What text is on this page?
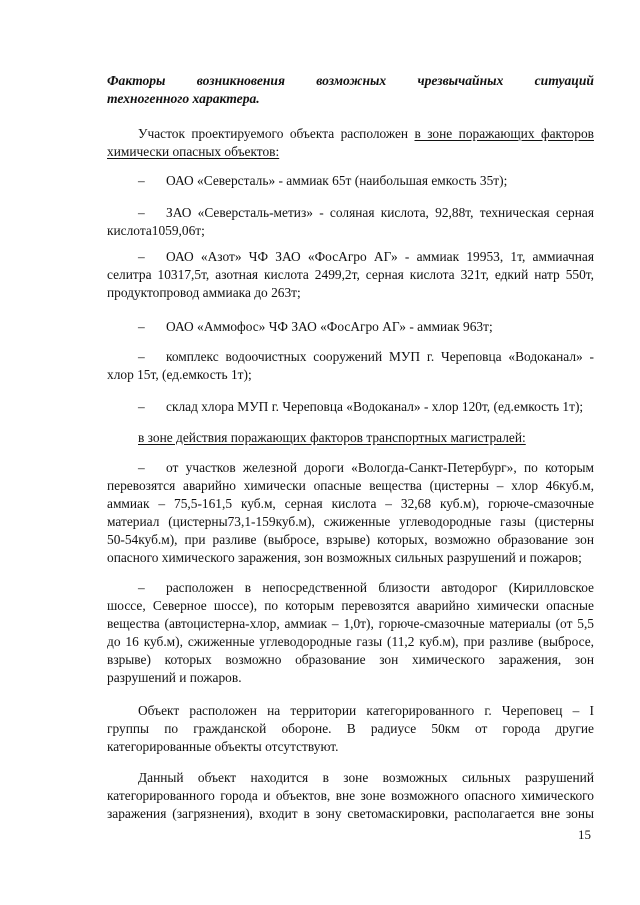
Факторы возникновения возможных чрезвычайных ситуаций
техногенного характера.
Участок проектируемого объекта расположен в зоне поражающих факторов
химически опасных объектов:
– ОАО «Северсталь» - аммиак 65т (наибольшая емкость 35т);
– ЗАО «Северсталь-метиз» - соляная кислота, 92,88т, техническая серная
кислота1059,06т;
– ОАО «Азот» ЧФ ЗАО «ФосАгро АГ» - аммиак 19953, 1т, аммиачная
селитра 10317,5т, азотная кислота 2499,2т, серная кислота 321т, едкий натр 550т,
продуктопровод аммиака до 263т;
– ОАО «Аммофос» ЧФ ЗАО «ФосАгро АГ» - аммиак 963т;
– комплекс водоочистных сооружений МУП г. Череповца «Водоканал» -
хлор 15т, (ед.емкость 1т);
– склад хлора МУП г. Череповца «Водоканал» - хлор 120т, (ед.емкость 1т);
в зоне действия поражающих факторов транспортных магистралей:
– от участков железной дороги «Вологда-Санкт-Петербург», по которым
перевозятся аварийно химически опасные вещества (цистерны – хлор 46куб.м,
аммиак – 75,5-161,5 куб.м, серная кислота – 32,68 куб.м), горюче-смазочные
материал (цистерны73,1-159куб.м), сжиженные углеводородные газы (цистерны
50-54куб.м), при разливе (выбросе, взрыве) которых, возможно образование зон
опасного химического заражения, зон возможных сильных разрушений и пожаров;
– расположен в непосредственной близости автодорог (Кирилловское
шоссе, Северное шоссе), по которым перевозятся аварийно химически опасные
вещества (автоцистерна-хлор, аммиак – 1,0т), горюче-смазочные материалы (от 5,5
до 16 куб.м), сжиженные углеводородные газы (11,2 куб.м), при разливе (выбросе,
взрыве) которых возможно образование зон химического заражения, зон
разрушений и пожаров.
Объект расположен на территории категорированного г. Череповец – I
группы по гражданской обороне. В радиусе 50км от города другие
категорированные объекты отсутствуют.
Данный объект находится в зоне возможных сильных разрушений
категорированного города и объектов, вне зоне возможного опасного химического
заражения (загрязнения), входит в зону светомаскировки, располагается вне зоны
15
